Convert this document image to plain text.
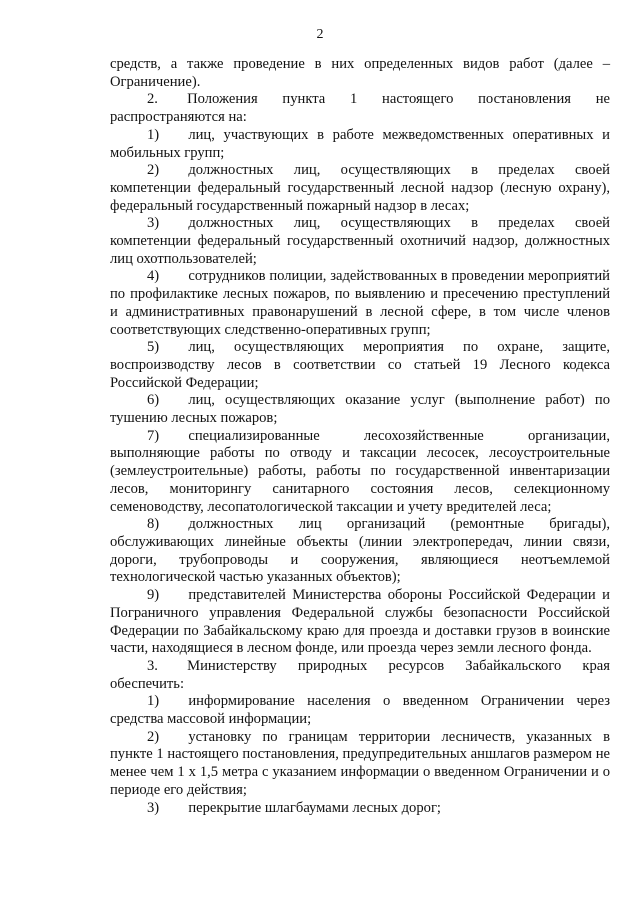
2

средств, а также проведение в них определенных видов работ (далее – Ограничение).

2.  Положения пункта 1 настоящего постановления не распространяются на:

1)  лиц, участвующих в работе межведомственных оперативных и мобильных групп;

2)  должностных лиц, осуществляющих в пределах своей компетенции федеральный государственный лесной надзор (лесную охрану), федеральный государственный пожарный надзор в лесах;

3)  должностных лиц, осуществляющих в пределах своей компетенции федеральный государственный охотничий надзор, должностных лиц охотпользователей;

4)  сотрудников полиции, задействованных в проведении мероприятий по профилактике лесных пожаров, по выявлению и пресечению преступлений и административных правонарушений в лесной сфере, в том числе членов соответствующих следственно-оперативных групп;

5)  лиц, осуществляющих мероприятия по охране, защите, воспроизводству лесов в соответствии со статьей 19 Лесного кодекса Российской Федерации;

6)  лиц, осуществляющих оказание услуг (выполнение работ) по тушению лесных пожаров;

7)  специализированные лесохозяйственные организации, выполняющие работы по отводу и таксации лесосек, лесоустроительные (землеустроительные) работы, работы по государственной инвентаризации лесов, мониторингу санитарного состояния лесов, селекционному семеноводству, лесопатологической таксации и учету вредителей леса;

8)  должностных лиц организаций (ремонтные бригады), обслуживающих линейные объекты (линии электропередач, линии связи, дороги, трубопроводы и сооружения, являющиеся неотъемлемой технологической частью указанных объектов);

9)  представителей Министерства обороны Российской Федерации и Пограничного управления Федеральной службы безопасности Российской Федерации по Забайкальскому краю для проезда и доставки грузов в воинские части, находящиеся в лесном фонде, или проезда через земли лесного фонда.

3.  Министерству природных ресурсов Забайкальского края обеспечить:

1)  информирование населения о введенном Ограничении через средства массовой информации;

2)  установку по границам территории лесничеств, указанных в пункте 1 настоящего постановления, предупредительных аншлагов размером не менее чем 1 х 1,5 метра с указанием информации о введенном Ограничении и о периоде его действия;

3)  перекрытие шлагбаумами лесных дорог;
